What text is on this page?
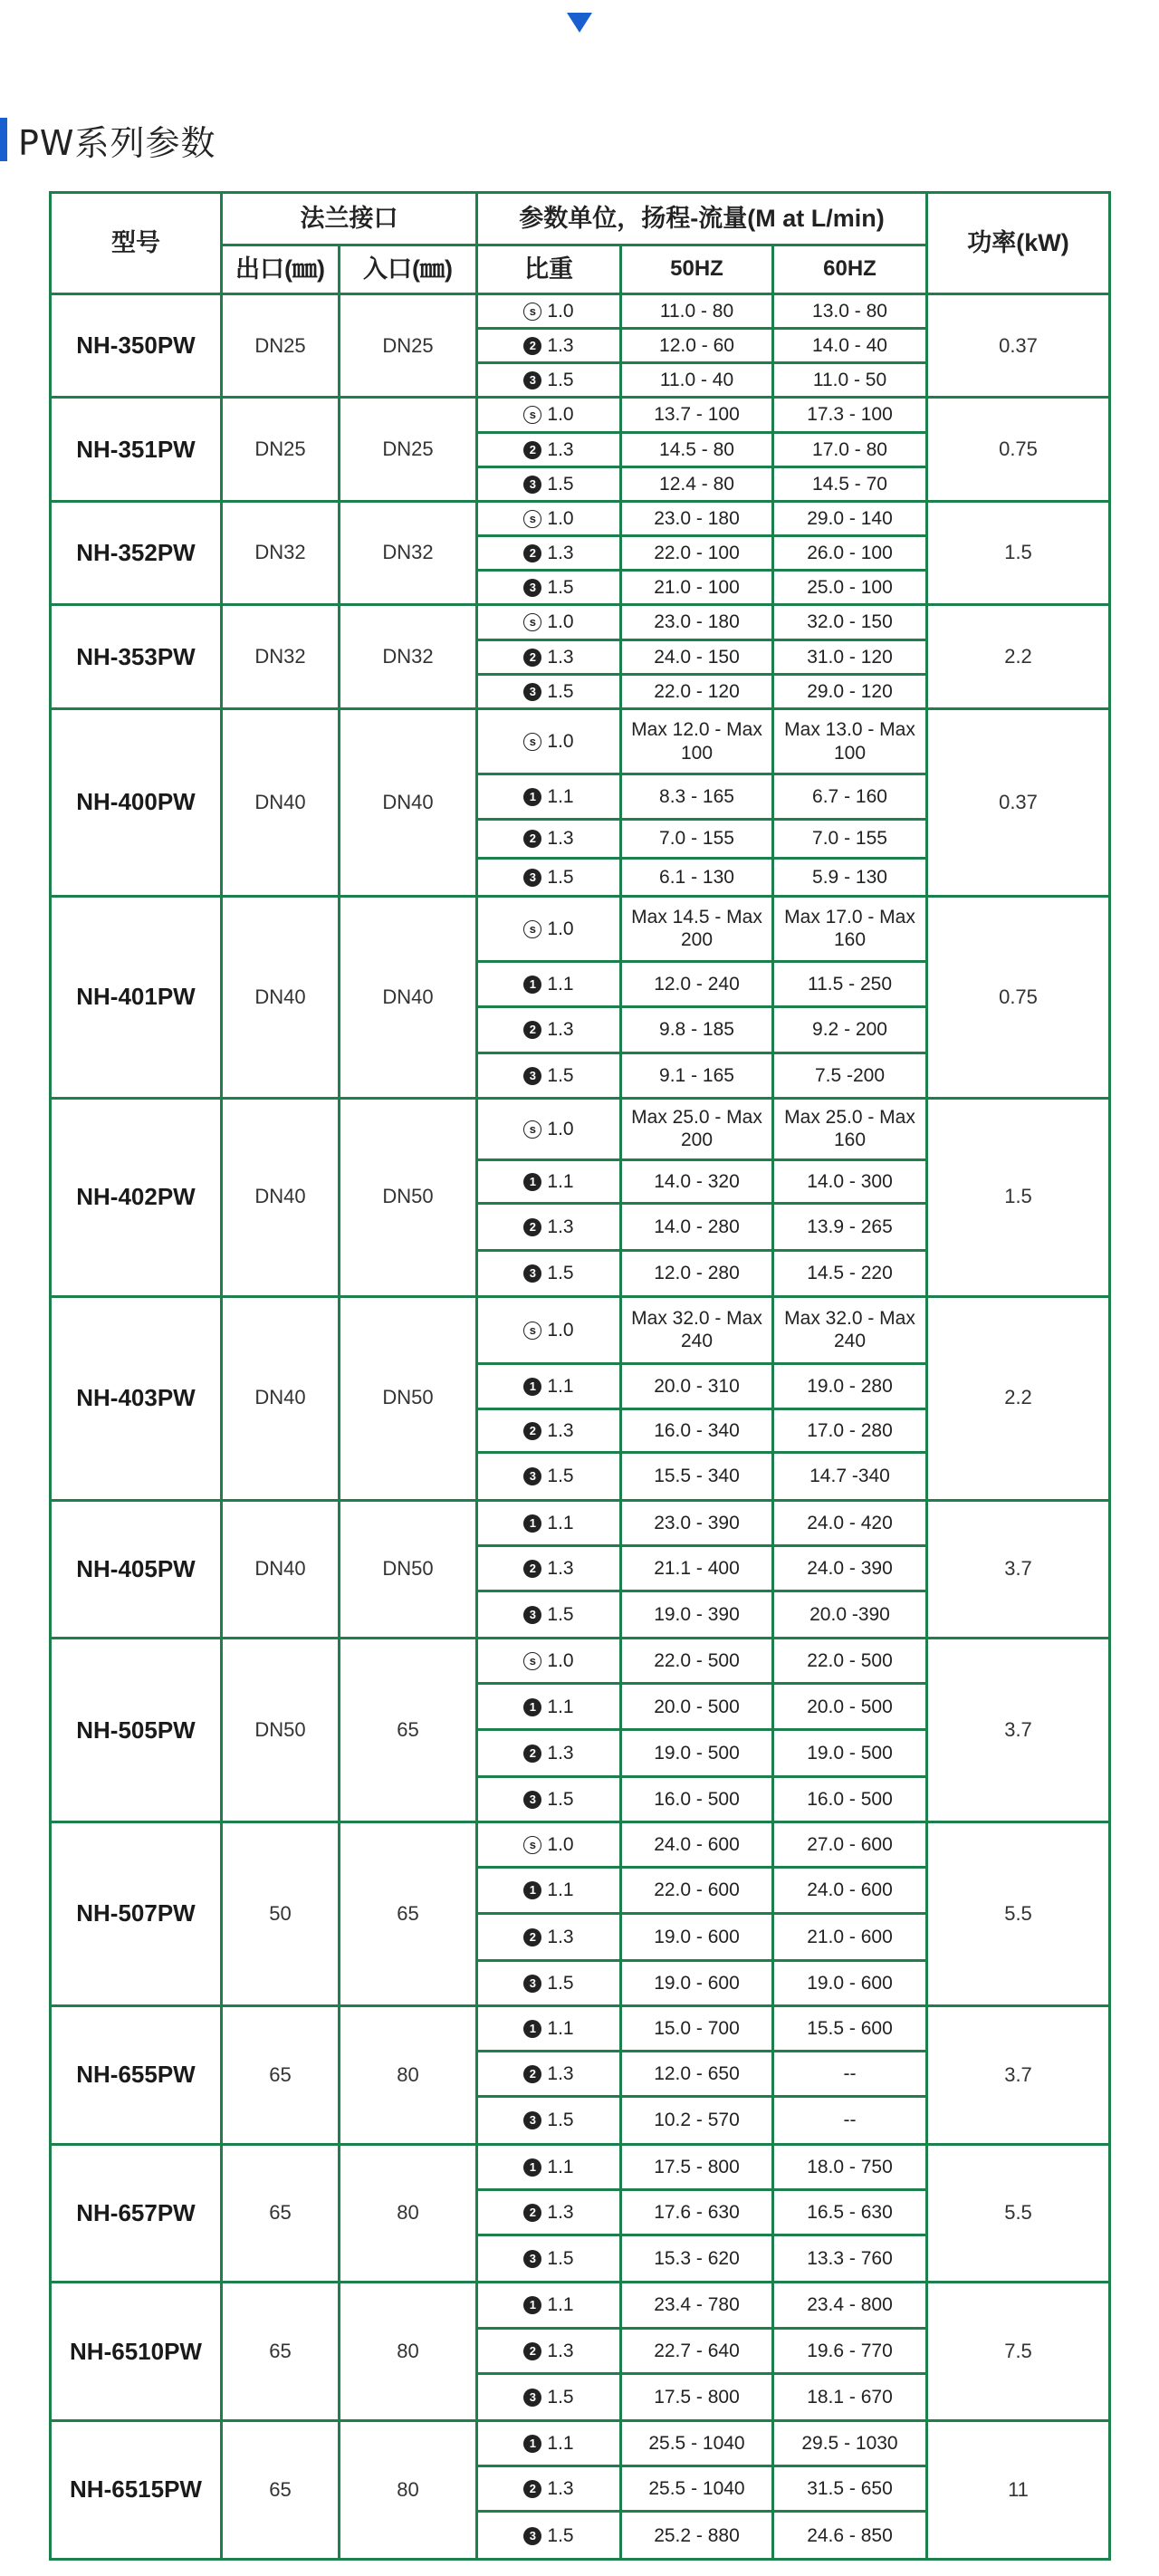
PW系列参数
型号	法兰接口		参数单位，扬程-流量(M at L/min)			功率(kW)
	出口(㎜)	入口(㎜)	比重	50HZ	60HZ	
NH-350PW	DN25	DN25	s 1.0	11.0 - 80	13.0 - 80	0.37
			2 1.3	12.0 - 60	14.0 - 40	
			3 1.5	11.0 - 40	11.0 - 50	
NH-351PW	DN25	DN25	s 1.0	13.7 - 100	17.3 - 100	0.75
			2 1.3	14.5 - 80	17.0 - 80	
			3 1.5	12.4 - 80	14.5 - 70	
NH-352PW	DN32	DN32	s 1.0	23.0 - 180	29.0 - 140	1.5
			2 1.3	22.0 - 100	26.0 - 100	
			3 1.5	21.0 - 100	25.0 - 100	
NH-353PW	DN32	DN32	s 1.0	23.0 - 180	32.0 - 150	2.2
			2 1.3	24.0 - 150	31.0 - 120	
			3 1.5	22.0 - 120	29.0 - 120	
NH-400PW	DN40	DN40	s 1.0	Max 12.0 - Max 100	Max 13.0 - Max 100	0.37
			1 1.1	8.3 - 165	6.7 - 160	
			2 1.3	7.0 - 155	7.0 - 155	
			3 1.5	6.1 - 130	5.9 - 130	
NH-401PW	DN40	DN40	s 1.0	Max 14.5 - Max 200	Max 17.0 - Max 160	0.75
			1 1.1	12.0 - 240	11.5 - 250	
			2 1.3	9.8 - 185	9.2 - 200	
			3 1.5	9.1 - 165	7.5 -200	
NH-402PW	DN40	DN50	s 1.0	Max 25.0 - Max 200	Max 25.0 - Max 160	1.5
			1 1.1	14.0 - 320	14.0 - 300	
			2 1.3	14.0 - 280	13.9 - 265	
			3 1.5	12.0 - 280	14.5 - 220	
NH-403PW	DN40	DN50	s 1.0	Max 32.0 - Max 240	Max 32.0 - Max 240	2.2
			1 1.1	20.0 - 310	19.0 - 280	
			2 1.3	16.0 - 340	17.0 - 280	
			3 1.5	15.5 - 340	14.7 -340	
NH-405PW	DN40	DN50	1 1.1	23.0 - 390	24.0 - 420	3.7
			2 1.3	21.1 - 400	24.0 - 390	
			3 1.5	19.0 - 390	20.0 -390	
NH-505PW	DN50	65	s 1.0	22.0 - 500	22.0 - 500	3.7
			1 1.1	20.0 - 500	20.0 - 500	
			2 1.3	19.0 - 500	19.0 - 500	
			3 1.5	16.0 - 500	16.0 - 500	
NH-507PW	50	65	s 1.0	24.0 - 600	27.0 - 600	5.5
			1 1.1	22.0 - 600	24.0 - 600	
			2 1.3	19.0 - 600	21.0 - 600	
			3 1.5	19.0 - 600	19.0 - 600	
NH-655PW	65	80	1 1.1	15.0 - 700	15.5 - 600	3.7
			2 1.3	12.0 - 650	--	
			3 1.5	10.2 - 570	--	
NH-657PW	65	80	1 1.1	17.5 - 800	18.0 - 750	5.5
			2 1.3	17.6 - 630	16.5 - 630	
			3 1.5	15.3 - 620	13.3 - 760	
NH-6510PW	65	80	1 1.1	23.4 - 780	23.4 - 800	7.5
			2 1.3	22.7 - 640	19.6 - 770	
			3 1.5	17.5 - 800	18.1 - 670	
NH-6515PW	65	80	1 1.1	25.5 - 1040	29.5 - 1030	11
			2 1.3	25.5 - 1040	31.5 - 650	
			3 1.5	25.2 - 880	24.6 - 850	
